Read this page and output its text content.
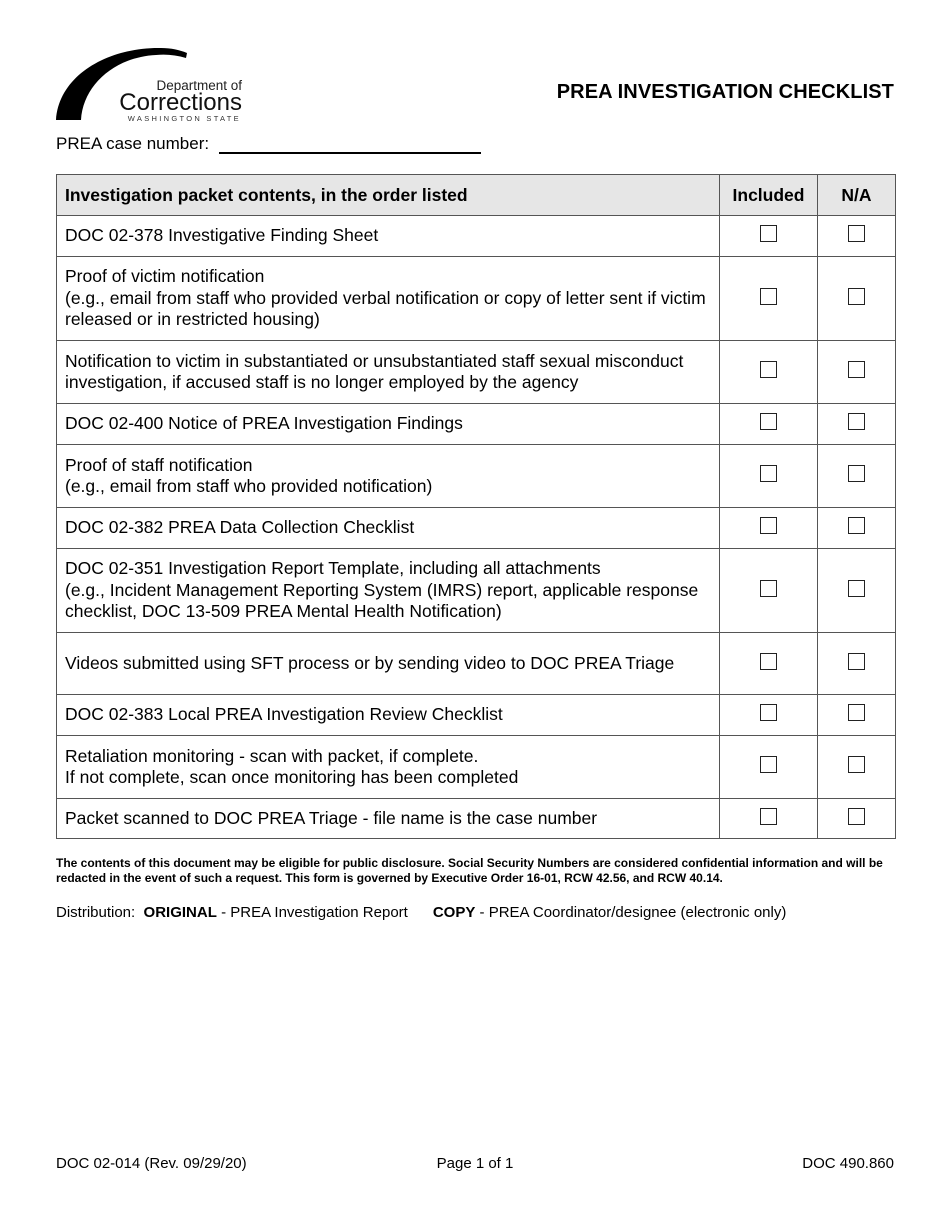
Department of
Corrections
WASHINGTON STATE
PREA INVESTIGATION CHECKLIST
PREA case number:
Investigation packet contents, in the order listed	Included	N/A

DOC 02-378 Investigative Finding Sheet		

Proof of victim notification
(e.g., email from staff who provided verbal notification or copy of letter sent if victim released or in restricted housing)		

Notification to victim in substantiated or unsubstantiated staff sexual misconduct investigation, if accused staff is no longer employed by the agency		

DOC 02-400 Notice of PREA Investigation Findings		

Proof of staff notification
(e.g., email from staff who provided notification)		

DOC 02-382 PREA Data Collection Checklist		

DOC 02-351 Investigation Report Template, including all attachments
(e.g., Incident Management Reporting System (IMRS) report, applicable response checklist, DOC 13-509 PREA Mental Health Notification)		

Videos submitted using SFT process or by sending video to DOC PREA Triage		

DOC 02-383 Local PREA Investigation Review Checklist		

Retaliation monitoring - scan with packet, if complete.
If not complete, scan once monitoring has been completed		

Packet scanned to DOC PREA Triage - file name is the case number		

The contents of this document may be eligible for public disclosure. Social Security Numbers are considered confidential information and will be redacted in the event of such a request. This form is governed by Executive Order 16-01, RCW 42.56, and RCW 40.14.

Distribution: ORIGINAL - PREA Investigation Report COPY - PREA Coordinator/designee (electronic only)
DOC 02-014 (Rev. 09/29/20)	Page 1 of 1	DOC 490.860
